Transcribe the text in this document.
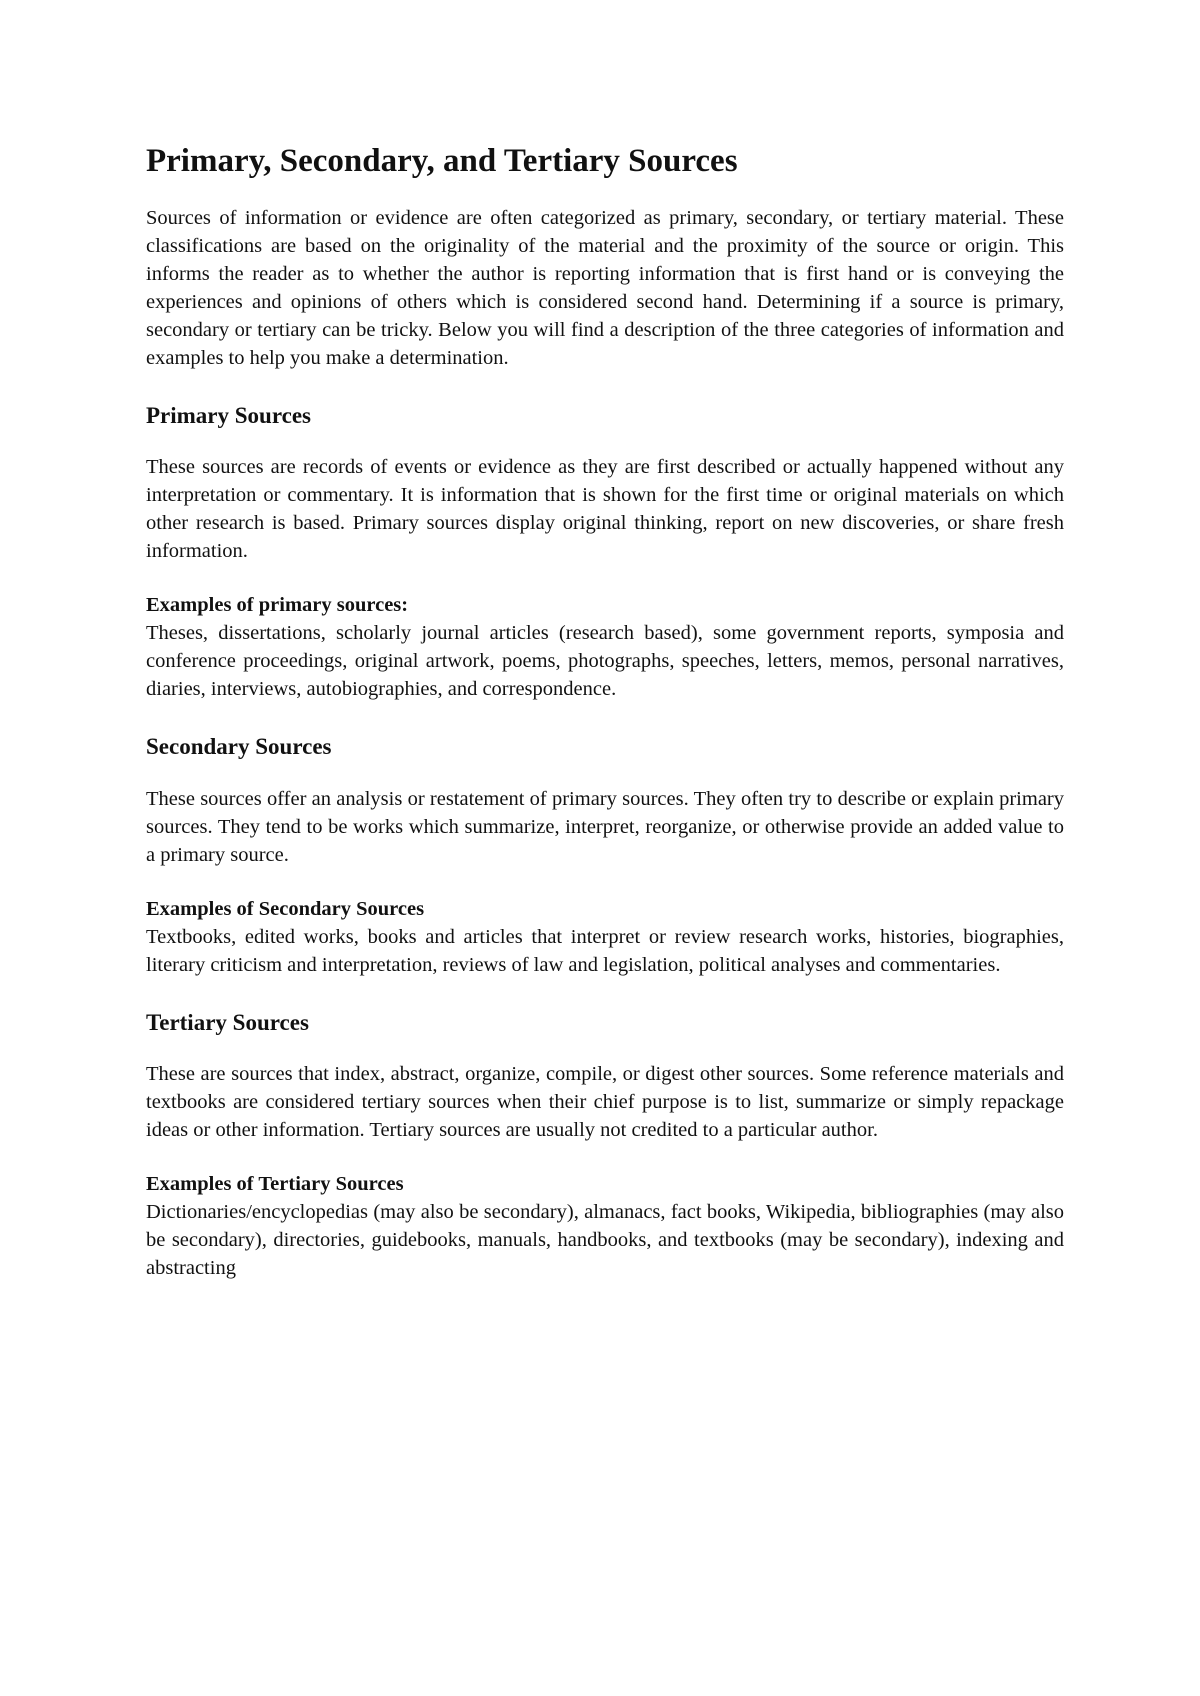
Primary, Secondary, and Tertiary Sources

Sources of information or evidence are often categorized as primary, secondary, or tertiary material. These classifications are based on the originality of the material and the proximity of the source or origin. This informs the reader as to whether the author is reporting information that is first hand or is conveying the experiences and opinions of others which is considered second hand. Determining if a source is primary, secondary or tertiary can be tricky. Below you will find a description of the three categories of information and examples to help you make a determination.

Primary Sources

These sources are records of events or evidence as they are first described or actually happened without any interpretation or commentary. It is information that is shown for the first time or original materials on which other research is based. Primary sources display original thinking, report on new discoveries, or share fresh information.

Examples of primary sources:

Theses, dissertations, scholarly journal articles (research based), some government reports, symposia and conference proceedings, original artwork, poems, photographs, speeches, letters, memos, personal narratives, diaries, interviews, autobiographies, and correspondence.

Secondary Sources

These sources offer an analysis or restatement of primary sources. They often try to describe or explain primary sources. They tend to be works which summarize, interpret, reorganize, or otherwise provide an added value to a primary source.

Examples of Secondary Sources

Textbooks, edited works, books and articles that interpret or review research works, histories, biographies, literary criticism and interpretation, reviews of law and legislation, political analyses and commentaries.

Tertiary Sources

These are sources that index, abstract, organize, compile, or digest other sources. Some reference materials and textbooks are considered tertiary sources when their chief purpose is to list, summarize or simply repackage ideas or other information. Tertiary sources are usually not credited to a particular author.

Examples of Tertiary Sources

Dictionaries/encyclopedias (may also be secondary), almanacs, fact books, Wikipedia, bibliographies (may also be secondary), directories, guidebooks, manuals, handbooks, and textbooks (may be secondary), indexing and abstracting
